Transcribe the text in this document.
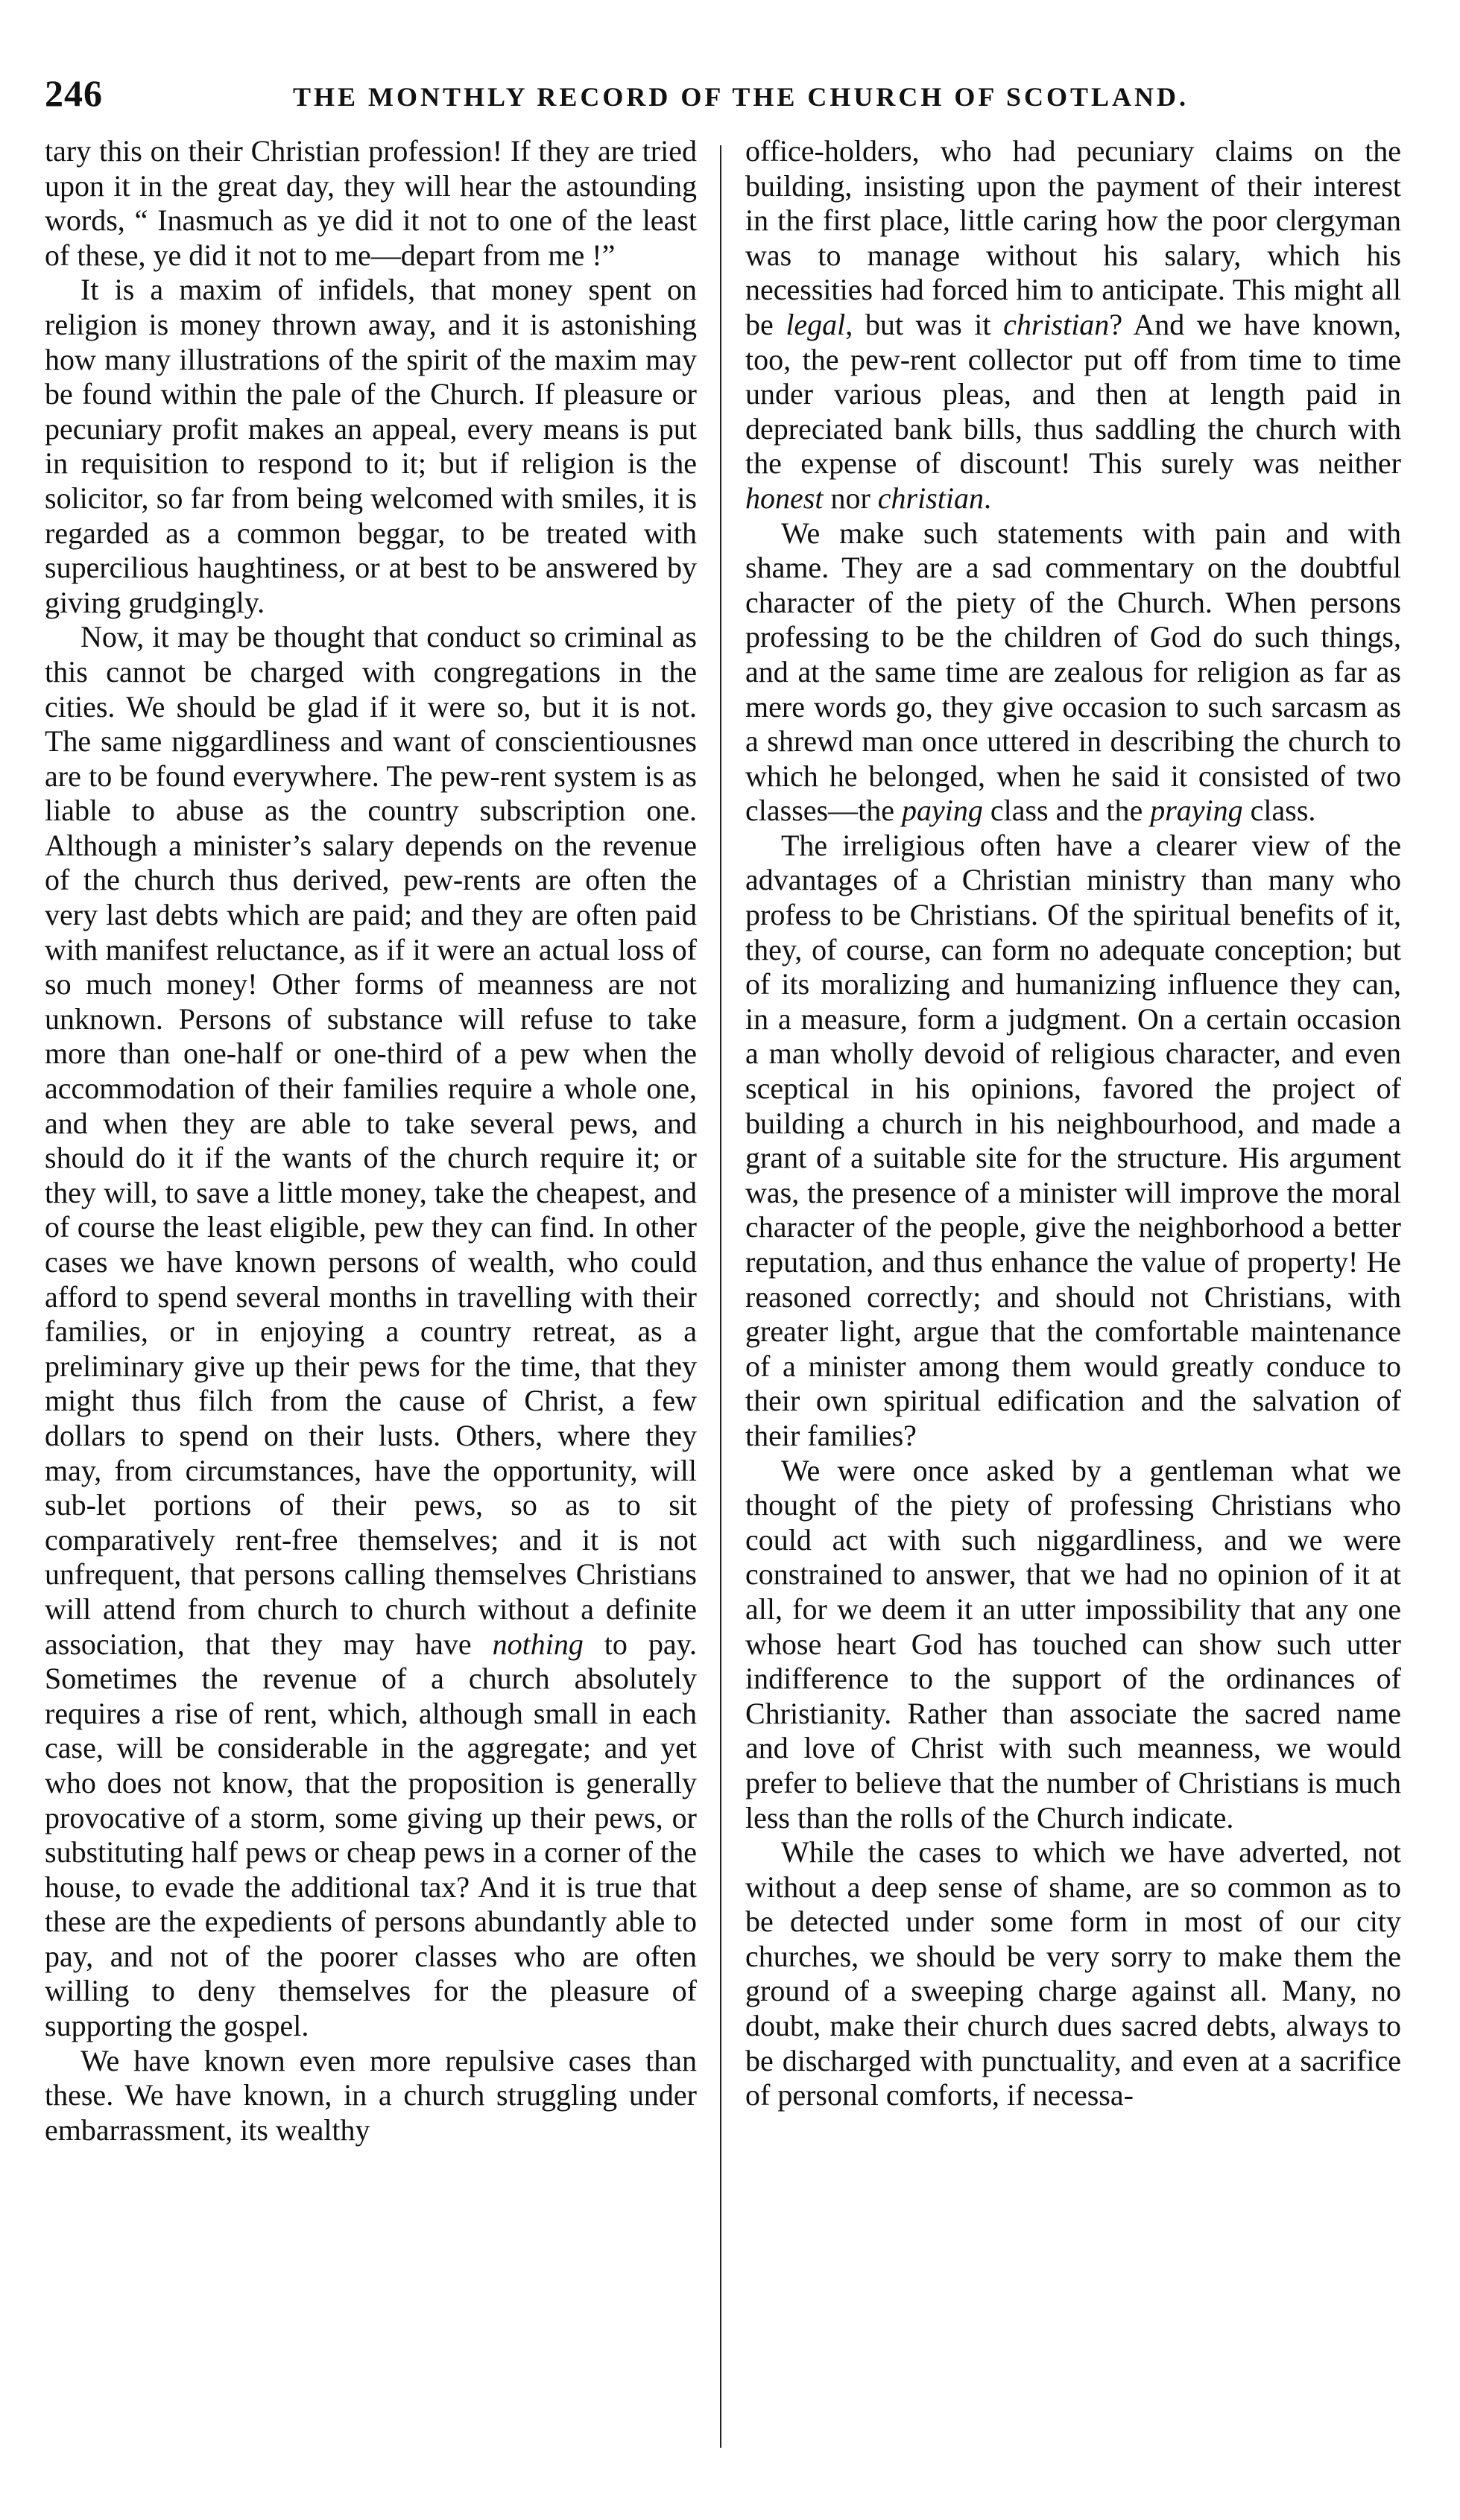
246	THE MONTHLY RECORD OF THE CHURCH OF SCOTLAND.

tary this on their Christian profession! If they are tried upon it in the great day, they will hear the astounding words, “ Inasmuch as ye did it not to one of the least of these, ye did it not to me—depart from me !”

It is a maxim of infidels, that money spent on religion is money thrown away, and it is astonishing how many illustrations of the spirit of the maxim may be found within the pale of the Church. If pleasure or pecuniary profit makes an appeal, every means is put in requisition to respond to it; but if religion is the solicitor, so far from being welcomed with smiles, it is regarded as a common beggar, to be treated with supercilious haughtiness, or at best to be answered by giving grudgingly.

Now, it may be thought that conduct so criminal as this cannot be charged with congregations in the cities. We should be glad if it were so, but it is not. The same niggardliness and want of conscientiousnes are to be found everywhere. The pew-rent system is as liable to abuse as the country subscription one. Although a minister’s salary depends on the revenue of the church thus derived, pew-rents are often the very last debts which are paid; and they are often paid with manifest reluctance, as if it were an actual loss of so much money! Other forms of meanness are not unknown. Persons of substance will refuse to take more than one-half or one-third of a pew when the accommodation of their families require a whole one, and when they are able to take several pews, and should do it if the wants of the church require it; or they will, to save a little money, take the cheapest, and of course the least eligible, pew they can find. In other cases we have known persons of wealth, who could afford to spend several months in travelling with their families, or in enjoying a country retreat, as a preliminary give up their pews for the time, that they might thus filch from the cause of Christ, a few dollars to spend on their lusts. Others, where they may, from circumstances, have the opportunity, will sub-let portions of their pews, so as to sit comparatively rent-free themselves; and it is not unfrequent, that persons calling themselves Christians will attend from church to church without a definite association, that they may have nothing to pay. Sometimes the revenue of a church absolutely requires a rise of rent, which, although small in each case, will be considerable in the aggregate; and yet who does not know, that the proposition is generally provocative of a storm, some giving up their pews, or substituting half pews or cheap pews in a corner of the house, to evade the additional tax? And it is true that these are the expedients of persons abundantly able to pay, and not of the poorer classes who are often willing to deny themselves for the pleasure of supporting the gospel.

We have known even more repulsive cases than these. We have known, in a church struggling under embarrassment, its wealthy

office-holders, who had pecuniary claims on the building, insisting upon the payment of their interest in the first place, little caring how the poor clergyman was to manage without his salary, which his necessities had forced him to anticipate. This might all be legal, but was it christian? And we have known, too, the pew-rent collector put off from time to time under various pleas, and then at length paid in depreciated bank bills, thus saddling the church with the expense of discount! This surely was neither honest nor christian.

We make such statements with pain and with shame. They are a sad commentary on the doubtful character of the piety of the Church. When persons professing to be the children of God do such things, and at the same time are zealous for religion as far as mere words go, they give occasion to such sarcasm as a shrewd man once uttered in describing the church to which he belonged, when he said it consisted of two classes—the paying class and the praying class.

The irreligious often have a clearer view of the advantages of a Christian ministry than many who profess to be Christians. Of the spiritual benefits of it, they, of course, can form no adequate conception; but of its moralizing and humanizing influence they can, in a measure, form a judgment. On a certain occasion a man wholly devoid of religious character, and even sceptical in his opinions, favored the project of building a church in his neighbourhood, and made a grant of a suitable site for the structure. His argument was, the presence of a minister will improve the moral character of the people, give the neighborhood a better reputation, and thus enhance the value of property! He reasoned correctly; and should not Christians, with greater light, argue that the comfortable maintenance of a minister among them would greatly conduce to their own spiritual edification and the salvation of their families?

We were once asked by a gentleman what we thought of the piety of professing Christians who could act with such niggardliness, and we were constrained to answer, that we had no opinion of it at all, for we deem it an utter impossibility that any one whose heart God has touched can show such utter indifference to the support of the ordinances of Christianity. Rather than associate the sacred name and love of Christ with such meanness, we would prefer to believe that the number of Christians is much less than the rolls of the Church indicate.

While the cases to which we have adverted, not without a deep sense of shame, are so common as to be detected under some form in most of our city churches, we should be very sorry to make them the ground of a sweeping charge against all. Many, no doubt, make their church dues sacred debts, always to be discharged with punctuality, and even at a sacrifice of personal comforts, if necessa-
